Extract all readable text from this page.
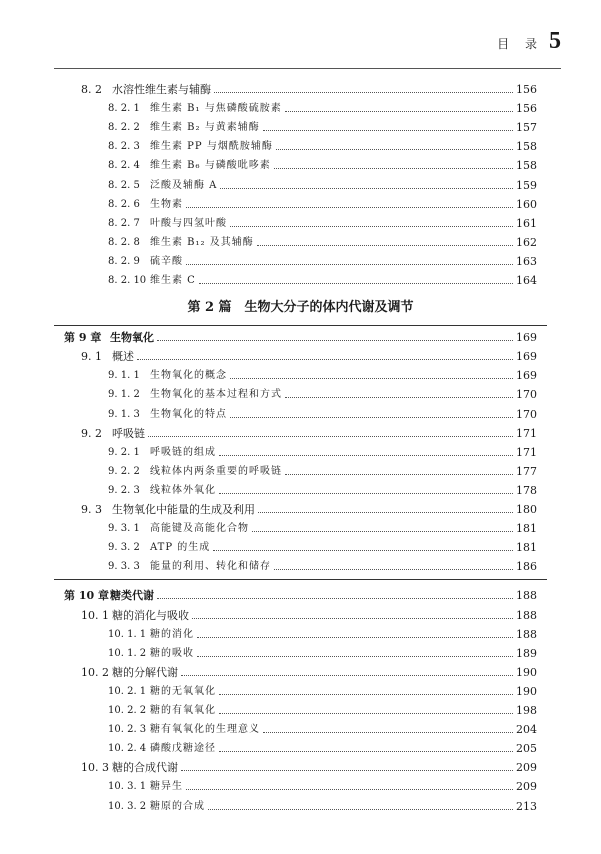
目 录 5
8. 2 水溶性维生素与辅酶	156
8. 2. 1 维生素 B₁ 与焦磷酸硫胺素	156
8. 2. 2 维生素 B₂ 与黄素辅酶	157
8. 2. 3 维生素 PP 与烟酰胺辅酶	158
8. 2. 4 维生素 B₆ 与磷酸吡哆素	158
8. 2. 5 泛酸及辅酶 A	159
8. 2. 6 生物素	160
8. 2. 7 叶酸与四氢叶酸	161
8. 2. 8 维生素 B₁₂ 及其辅酶	162
8. 2. 9 硫辛酸	163
8. 2. 10 维生素 C	164
第 2 篇　生物大分子的体内代谢及调节
第 9 章 生物氧化	169
9. 1 概述	169
9. 1. 1 生物氧化的概念	169
9. 1. 2 生物氧化的基本过程和方式	170
9. 1. 3 生物氧化的特点	170
9. 2 呼吸链	171
9. 2. 1 呼吸链的组成	171
9. 2. 2 线粒体内两条重要的呼吸链	177
9. 2. 3 线粒体外氧化	178
9. 3 生物氧化中能量的生成及利用	180
9. 3. 1 高能键及高能化合物	181
9. 3. 2 ATP 的生成	181
9. 3. 3 能量的利用、转化和储存	186
第 10 章 糖类代谢	188
10. 1 糖的消化与吸收	188
10. 1. 1 糖的消化	188
10. 1. 2 糖的吸收	189
10. 2 糖的分解代谢	190
10. 2. 1 糖的无氧氧化	190
10. 2. 2 糖的有氧氧化	198
10. 2. 3 糖有氧氧化的生理意义	204
10. 2. 4 磷酸戊糖途径	205
10. 3 糖的合成代谢	209
10. 3. 1 糖异生	209
10. 3. 2 糖原的合成	213
